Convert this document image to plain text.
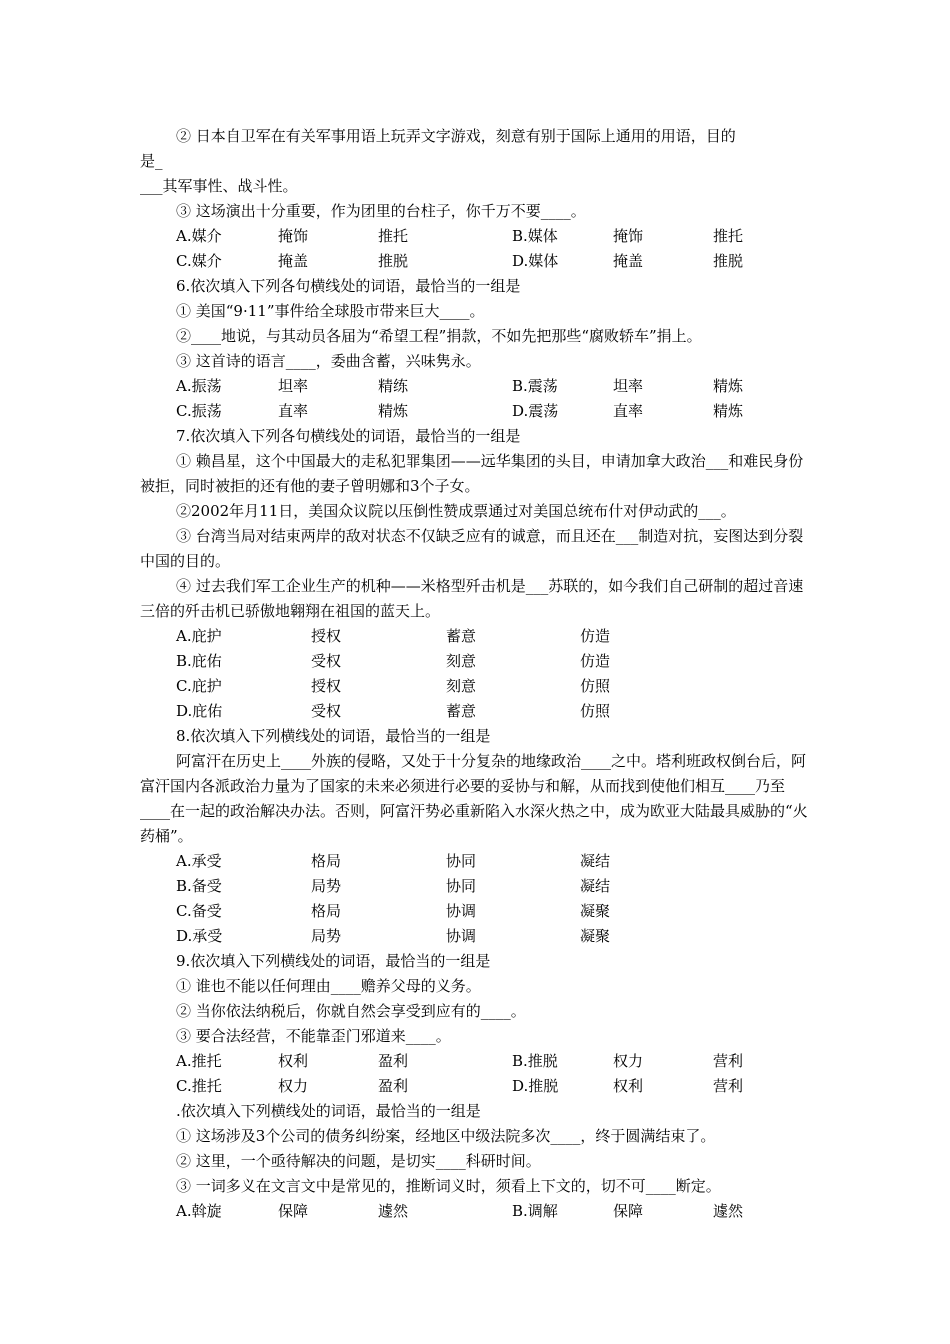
② 日本自卫军在有关军事用语上玩弄文字游戏，刻意有别于国际上通用的用语，目的
是_
___其军事性、战斗性。
③ 这场演出十分重要，作为团里的台柱子，你千万不要____。
A.媒介	掩饰	推托	B.媒体	掩饰	推托
C.媒介	掩盖	推脱	D.媒体	掩盖	推脱
6.依次填入下列各句横线处的词语，最恰当的一组是
① 美国“9·11”事件给全球股市带来巨大____。
②____地说，与其动员各届为“希望工程”捐款，不如先把那些“腐败轿车”捐上。
③ 这首诗的语言____，委曲含蓄，兴味隽永。
A.振荡	坦率	精练	B.震荡	坦率	精炼
C.振荡	直率	精炼	D.震荡	直率	精炼
7.依次填入下列各句横线处的词语，最恰当的一组是

① 赖昌星，这个中国最大的走私犯罪集团——远华集团的头目，申请加拿大政治___和难民身份被拒，同时被拒的还有他的妻子曾明娜和3个子女。

②2002年月11日，美国众议院以压倒性赞成票通过对美国总统布什对伊动武的___。

③ 台湾当局对结束两岸的敌对状态不仅缺乏应有的诚意，而且还在___制造对抗，妄图达到分裂中国的目的。

④ 过去我们军工企业生产的机种——米格型歼击机是___苏联的，如今我们自己研制的超过音速三倍的歼击机已骄傲地翱翔在祖国的蓝天上。

A.庇护	授权	蓄意	仿造
B.庇佑	受权	刻意	仿造
C.庇护	授权	刻意	仿照
D.庇佑	受权	蓄意	仿照
8.依次填入下列横线处的词语，最恰当的一组是

阿富汗在历史上____外族的侵略，又处于十分复杂的地缘政治____之中。塔利班政权倒台后，阿富汗国内各派政治力量为了国家的未来必须进行必要的妥协与和解，从而找到使他们相互____乃至____在一起的政治解决办法。否则，阿富汗势必重新陷入水深火热之中，成为欧亚大陆最具威胁的“火药桶”。

A.承受	格局	协同	凝结
B.备受	局势	协同	凝结
C.备受	格局	协调	凝聚
D.承受	局势	协调	凝聚
9.依次填入下列横线处的词语，最恰当的一组是
① 谁也不能以任何理由____赡养父母的义务。
② 当你依法纳税后，你就自然会享受到应有的____。
③ 要合法经营，不能靠歪门邪道来____。
A.推托	权利	盈利	B.推脱	权力	营利
C.推托	权力	盈利	D.推脱	权利	营利
.依次填入下列横线处的词语，最恰当的一组是
① 这场涉及3个公司的债务纠纷案，经地区中级法院多次____，终于圆满结束了。
② 这里，一个亟待解决的问题，是切实____科研时间。
③ 一词多义在文言文中是常见的，推断词义时，须看上下文的，切不可____断定。
A.斡旋	保障	遽然	B.调解	保障	遽然
